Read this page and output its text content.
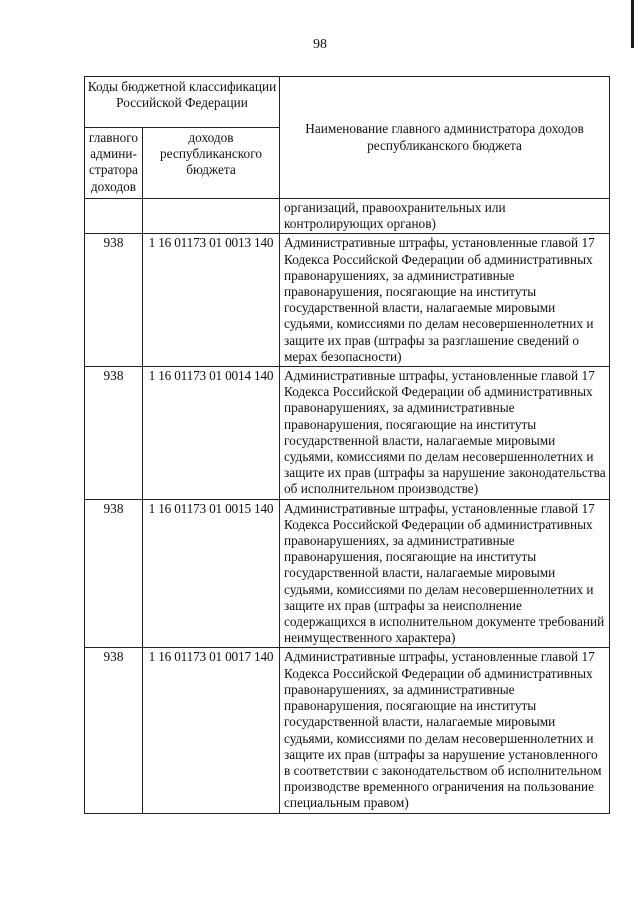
98
Коды бюджетной классификации Российской Федерации		Наименование главного администратора доходов республиканского бюджета
главного админи-стратора доходов	доходов республиканского бюджета	
		организаций, правоохранительных или контролирующих органов)
938	1 16 01173 01 0013 140	Административные штрафы, установленные главой 17 Кодекса Российской Федерации об административных правонарушениях, за административные правонарушения, посягающие на институты государственной власти, налагаемые мировыми судьями, комиссиями по делам несовершеннолетних и защите их прав (штрафы за разглашение сведений о мерах безопасности)
938	1 16 01173 01 0014 140	Административные штрафы, установленные главой 17 Кодекса Российской Федерации об административных правонарушениях, за административные правонарушения, посягающие на институты государственной власти, налагаемые мировыми судьями, комиссиями по делам несовершеннолетних и защите их прав (штрафы за нарушение законодательства об исполнительном производстве)
938	1 16 01173 01 0015 140	Административные штрафы, установленные главой 17 Кодекса Российской Федерации об административных правонарушениях, за административные правонарушения, посягающие на институты государственной власти, налагаемые мировыми судьями, комиссиями по делам несовершеннолетних и защите их прав (штрафы за неисполнение содержащихся в исполнительном документе требований неимущественного характера)
938	1 16 01173 01 0017 140	Административные штрафы, установленные главой 17 Кодекса Российской Федерации об административных правонарушениях, за административные правонарушения, посягающие на институты государственной власти, налагаемые мировыми судьями, комиссиями по делам несовершеннолетних и защите их прав (штрафы за нарушение установленного в соответствии с законодательством об исполнительном производстве временного ограничения на пользование специальным правом)
